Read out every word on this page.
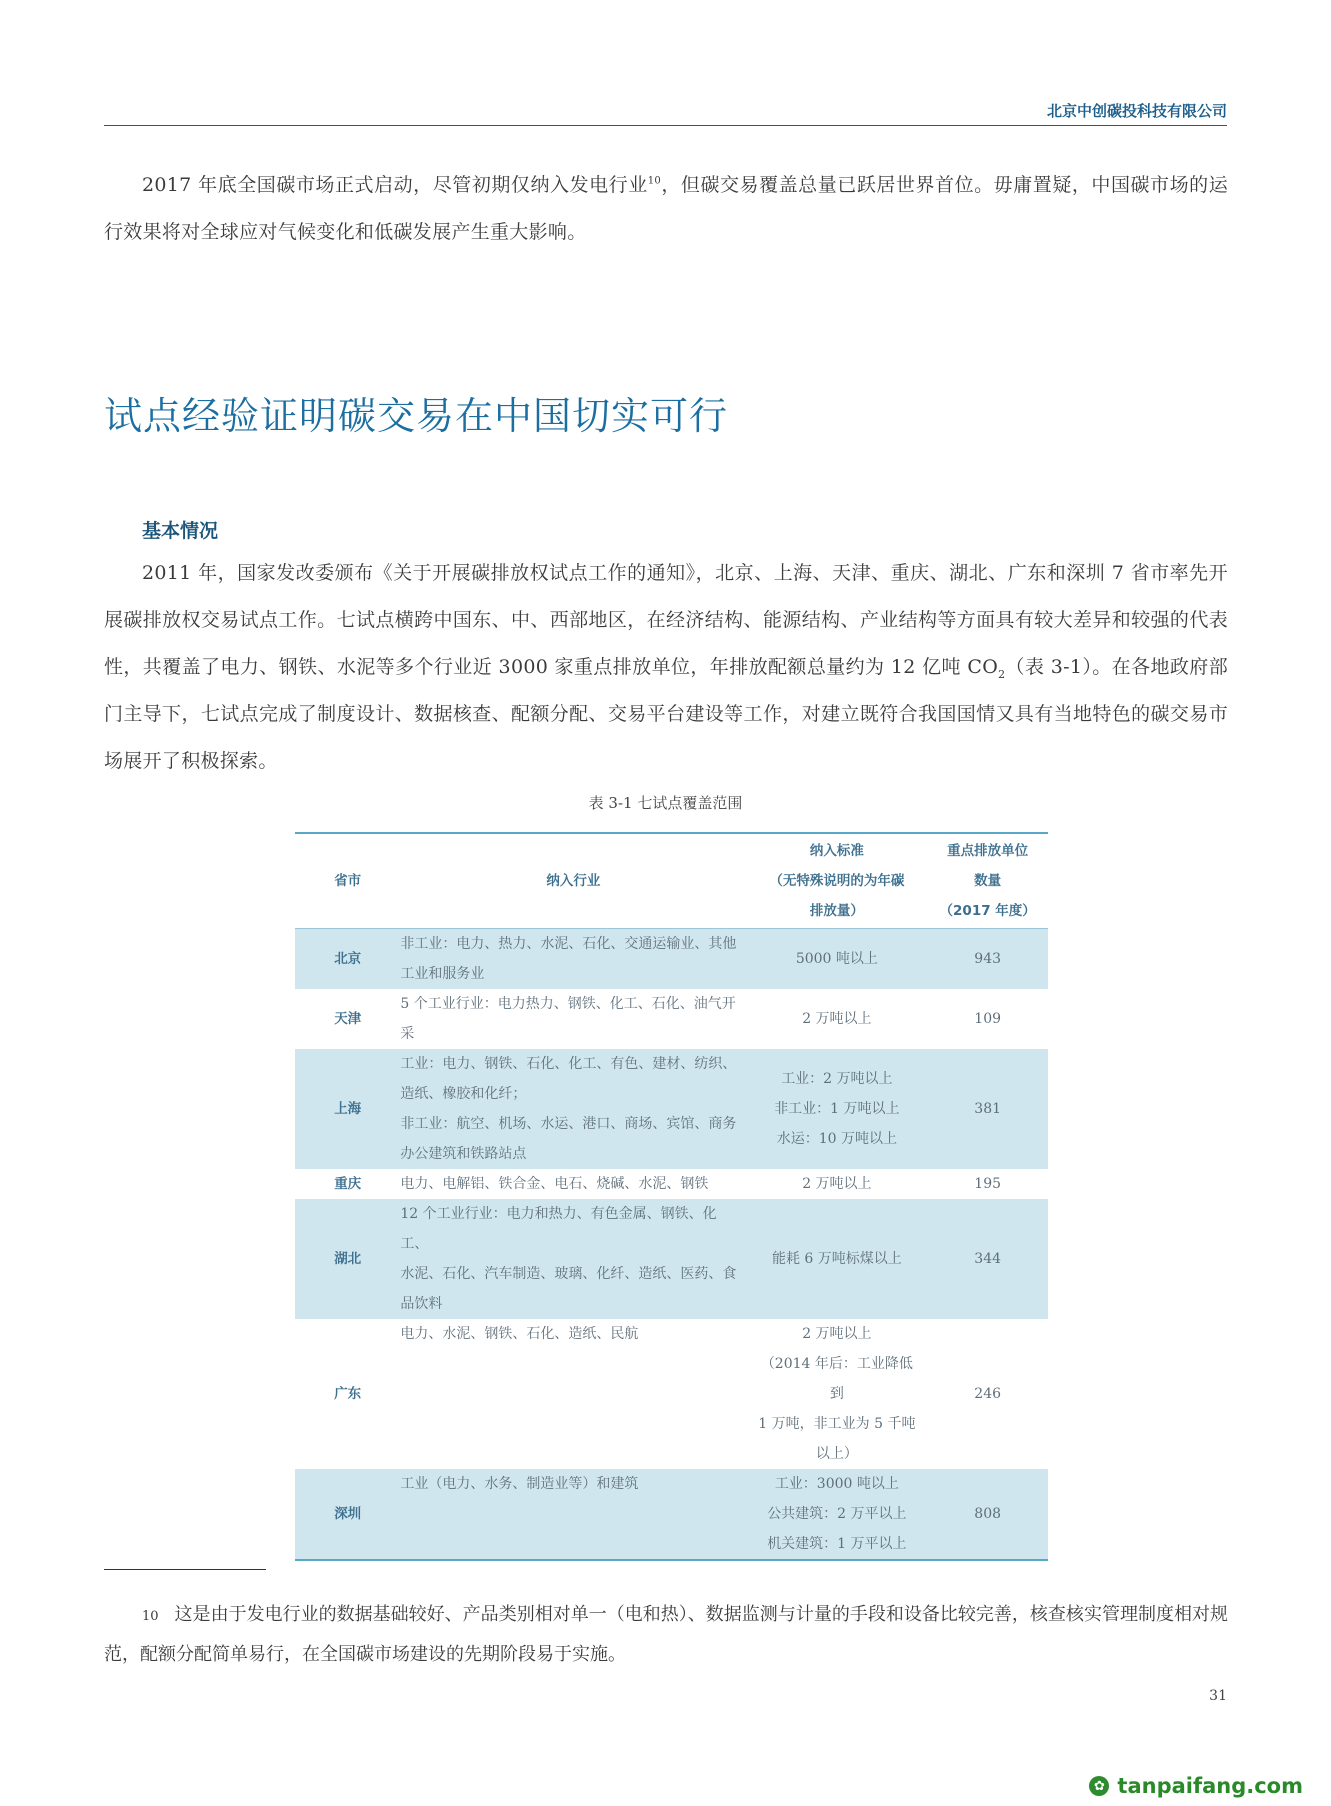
北京中创碳投科技有限公司

2017 年底全国碳市场正式启动，尽管初期仅纳入发电行业$^{10}$，但碳交易覆盖总量已跃居世界首位。毋庸置疑，中国碳市场的运行效果将对全球应对气候变化和低碳发展产生重大影响。

试点经验证明碳交易在中国切实可行
基本情况

2011 年，国家发改委颁布《关于开展碳排放权试点工作的通知》，北京、上海、天津、重庆、湖北、广东和深圳 7 省市率先开展碳排放权交易试点工作。七试点横跨中国东、中、西部地区，在经济结构、能源结构、产业结构等方面具有较大差异和较强的代表性，共覆盖了电力、钢铁、水泥等多个行业近 3000 家重点排放单位，年排放配额总量约为 12 亿吨 $CO_2$（表 3-1）。在各地政府部门主导下，七试点完成了制度设计、数据核查、配额分配、交易平台建设等工作，对建立既符合我国国情又具有当地特色的碳交易市场展开了积极探索。

表 3-1 七试点覆盖范围
省市	纳入行业	纳入标准
（无特殊说明的为年碳
排放量）	重点排放单位
数量
（2017 年度）

北京	非工业：电力、热力、水泥、石化、交通运输业、其他
工业和服务业	5000 吨以上	943
天津	5 个工业行业：电力热力、钢铁、化工、石化、油气开
采	2 万吨以上	109
上海	工业：电力、钢铁、石化、化工、有色、建材、纺织、
造纸、橡胶和化纤；
非工业：航空、机场、水运、港口、商场、宾馆、商务
办公建筑和铁路站点	工业：2 万吨以上
非工业：1 万吨以上
水运：10 万吨以上	381
重庆	电力、电解铝、铁合金、电石、烧碱、水泥、钢铁	2 万吨以上	195
湖北	12 个工业行业：电力和热力、有色金属、钢铁、化工、
水泥、石化、汽车制造、玻璃、化纤、造纸、医药、食
品饮料	能耗 6 万吨标煤以上	344
广东	电力、水泥、钢铁、石化、造纸、民航	2 万吨以上
（2014 年后：工业降低到
1 万吨，非工业为 5 千吨
以上）	246
深圳	工业（电力、水务、制造业等）和建筑	工业：3000 吨以上
公共建筑：2 万平以上
机关建筑：1 万平以上	808

10 这是由于发电行业的数据基础较好、产品类别相对单一（电和热）、数据监测与计量的手段和设备比较完善，核查核实管理制度相对规范，配额分配简单易行，在全国碳市场建设的先期阶段易于实施。

31
✿ tanpaifang.com
